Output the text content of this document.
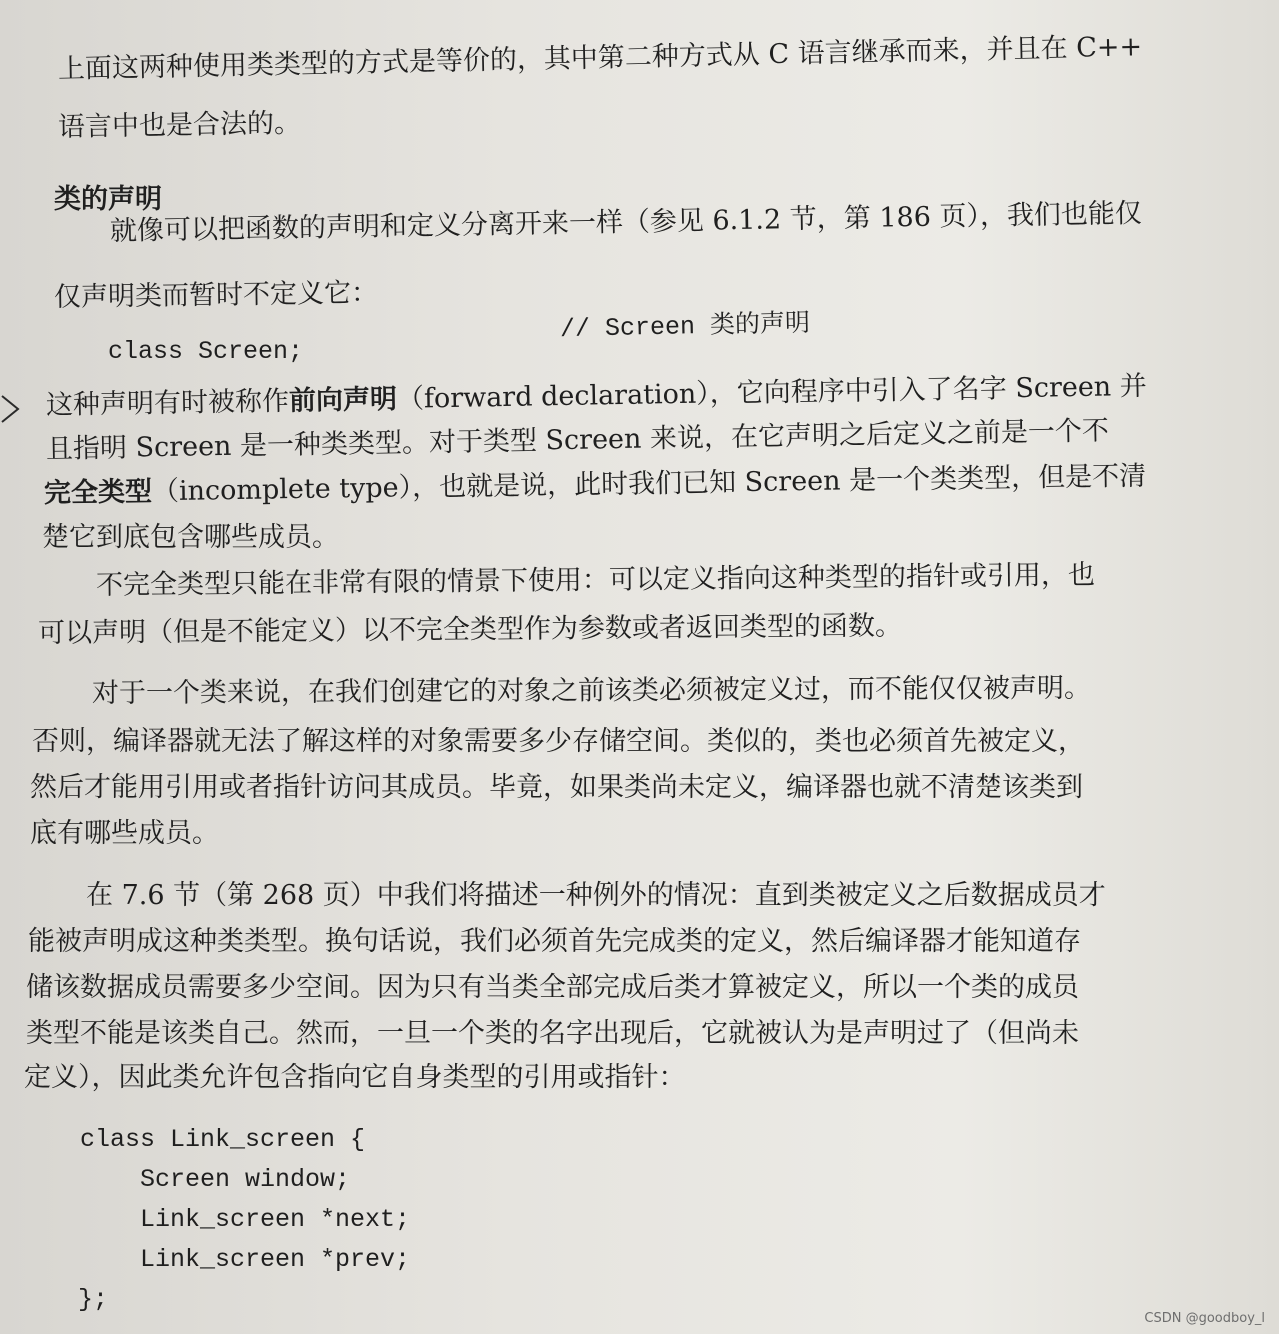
上面这两种使用类类型的方式是等价的，其中第二种方式从 C 语言继承而来，并且在 C++
语言中也是合法的。
类的声明
就像可以把函数的声明和定义分离开来一样（参见 6.1.2 节，第 186 页），我们也能仅
仅声明类而暂时不定义它：
class Screen;
// Screen 类的声明
这种声明有时被称作前向声明（forward declaration），它向程序中引入了名字 Screen 并
且指明 Screen 是一种类类型。对于类型 Screen 来说，在它声明之后定义之前是一个不
完全类型（incomplete type），也就是说，此时我们已知 Screen 是一个类类型，但是不清
楚它到底包含哪些成员。
不完全类型只能在非常有限的情景下使用：可以定义指向这种类型的指针或引用，也
可以声明（但是不能定义）以不完全类型作为参数或者返回类型的函数。
对于一个类来说，在我们创建它的对象之前该类必须被定义过，而不能仅仅被声明。
否则，编译器就无法了解这样的对象需要多少存储空间。类似的，类也必须首先被定义，
然后才能用引用或者指针访问其成员。毕竟，如果类尚未定义，编译器也就不清楚该类到
底有哪些成员。
在 7.6 节（第 268 页）中我们将描述一种例外的情况：直到类被定义之后数据成员才
能被声明成这种类类型。换句话说，我们必须首先完成类的定义，然后编译器才能知道存
储该数据成员需要多少空间。因为只有当类全部完成后类才算被定义，所以一个类的成员
类型不能是该类自己。然而，一旦一个类的名字出现后，它就被认为是声明过了（但尚未
定义），因此类允许包含指向它自身类型的引用或指针：
class Link_screen {
Screen window;
Link_screen *next;
Link_screen *prev;
};
CSDN @goodboy_l
